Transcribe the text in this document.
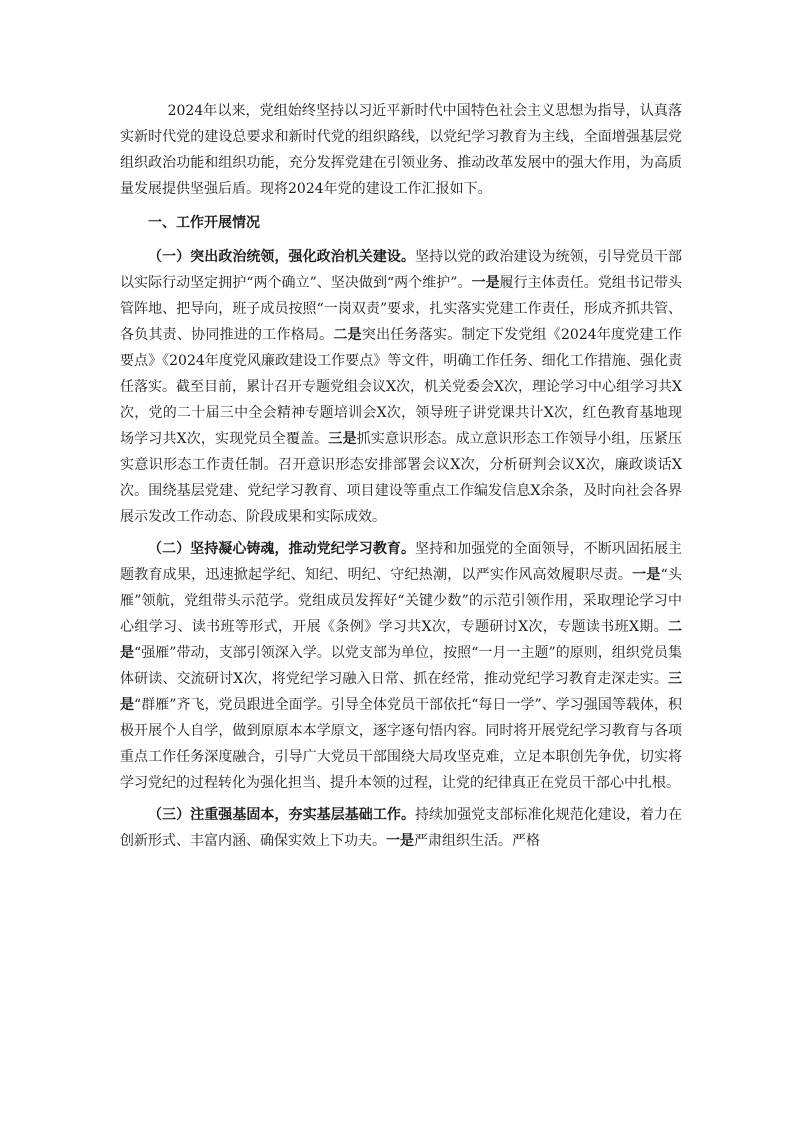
2024年以来，党组始终坚持以习近平新时代中国特色社会主义思想为指导，认真落实新时代党的建设总要求和新时代党的组织路线，以党纪学习教育为主线，全面增强基层党组织政治功能和组织功能，充分发挥党建在引领业务、推动改革发展中的强大作用，为高质量发展提供坚强后盾。现将2024年党的建设工作汇报如下。

一、工作开展情况

（一）突出政治统领，强化政治机关建设。坚持以党的政治建设为统领，引导党员干部以实际行动坚定拥护“两个确立”、坚决做到“两个维护”。一是履行主体责任。党组书记带头管阵地、把导向，班子成员按照“一岗双责”要求，扎实落实党建工作责任，形成齐抓共管、各负其责、协同推进的工作格局。二是突出任务落实。制定下发党组《2024年度党建工作要点》《2024年度党风廉政建设工作要点》等文件，明确工作任务、细化工作措施、强化责任落实。截至目前，累计召开专题党组会议X次，机关党委会X次，理论学习中心组学习共X次，党的二十届三中全会精神专题培训会X次，领导班子讲党课共计X次，红色教育基地现场学习共X次，实现党员全覆盖。三是抓实意识形态。成立意识形态工作领导小组，压紧压实意识形态工作责任制。召开意识形态安排部署会议X次，分析研判会议X次，廉政谈话X次。围绕基层党建、党纪学习教育、项目建设等重点工作编发信息X余条，及时向社会各界展示发改工作动态、阶段成果和实际成效。

（二）坚持凝心铸魂，推动党纪学习教育。坚持和加强党的全面领导，不断巩固拓展主题教育成果，迅速掀起学纪、知纪、明纪、守纪热潮，以严实作风高效履职尽责。一是“头雁”领航，党组带头示范学。党组成员发挥好“关键少数”的示范引领作用，采取理论学习中心组学习、读书班等形式，开展《条例》学习共X次，专题研讨X次，专题读书班X期。二是“强雁”带动，支部引领深入学。以党支部为单位，按照“一月一主题”的原则，组织党员集体研读、交流研讨X次，将党纪学习融入日常、抓在经常，推动党纪学习教育走深走实。三是“群雁”齐飞，党员跟进全面学。引导全体党员干部依托“每日一学”、学习强国等载体，积极开展个人自学，做到原原本本学原文，逐字逐句悟内容。同时将开展党纪学习教育与各项重点工作任务深度融合，引导广大党员干部围绕大局攻坚克难，立足本职创先争优，切实将学习党纪的过程转化为强化担当、提升本领的过程，让党的纪律真正在党员干部心中扎根。

（三）注重强基固本，夯实基层基础工作。持续加强党支部标准化规范化建设，着力在创新形式、丰富内涵、确保实效上下功夫。一是严肃组织生活。严格
